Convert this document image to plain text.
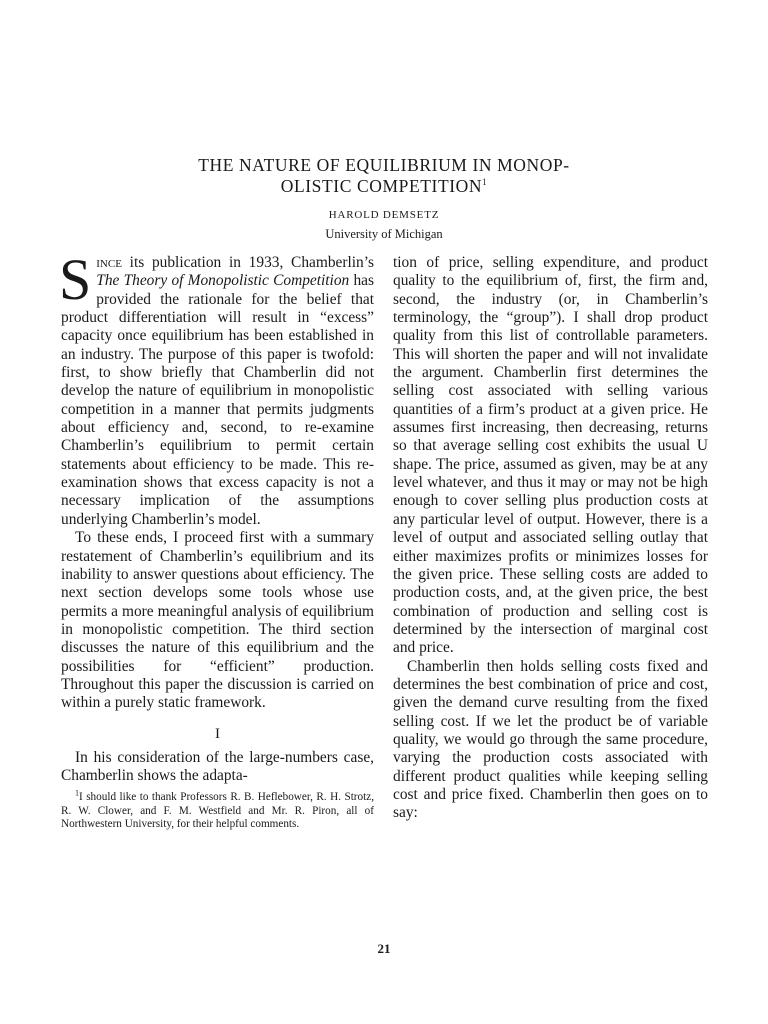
THE NATURE OF EQUILIBRIUM IN MONOP-
OLISTIC COMPETITION$^1$
HAROLD DEMSETZ
University of Michigan

Since its publication in 1933, Chamberlin’s The Theory of Monopolistic Competition has provided the rationale for the belief that product differentiation will result in “excess” capacity once equilibrium has been established in an industry. The purpose of this paper is twofold: first, to show briefly that Chamberlin did not develop the nature of equilibrium in monopolistic competition in a manner that permits judgments about efficiency and, second, to re-examine Chamberlin’s equilibrium to permit certain statements about efficiency to be made. This re-examination shows that excess capacity is not a necessary implication of the assumptions underlying Chamberlin’s model.

To these ends, I proceed first with a summary restatement of Chamberlin’s equilibrium and its inability to answer questions about efficiency. The next section develops some tools whose use permits a more meaningful analysis of equilibrium in monopolistic competition. The third section discusses the nature of this equilibrium and the possibilities for “efficient” production. Throughout this paper the discussion is carried on within a purely static framework.

I

In his consideration of the large-numbers case, Chamberlin shows the adapta-

$^1$I should like to thank Professors R. B. Heflebower, R. H. Strotz, R. W. Clower, and F. M. Westfield and Mr. R. Piron, all of Northwestern University, for their helpful comments.

tion of price, selling expenditure, and product quality to the equilibrium of, first, the firm and, second, the industry (or, in Chamberlin’s terminology, the “group”). I shall drop product quality from this list of controllable parameters. This will shorten the paper and will not invalidate the argument. Chamberlin first determines the selling cost associated with selling various quantities of a firm’s product at a given price. He assumes first increasing, then decreasing, returns so that average selling cost exhibits the usual U shape. The price, assumed as given, may be at any level whatever, and thus it may or may not be high enough to cover selling plus production costs at any particular level of output. However, there is a level of output and associated selling outlay that either maximizes profits or minimizes losses for the given price. These selling costs are added to production costs, and, at the given price, the best combination of production and selling cost is determined by the intersection of marginal cost and price.

Chamberlin then holds selling costs fixed and determines the best combination of price and cost, given the demand curve resulting from the fixed selling cost. If we let the product be of variable quality, we would go through the same procedure, varying the production costs associated with different product qualities while keeping selling cost and price fixed. Chamberlin then goes on to say:

21
